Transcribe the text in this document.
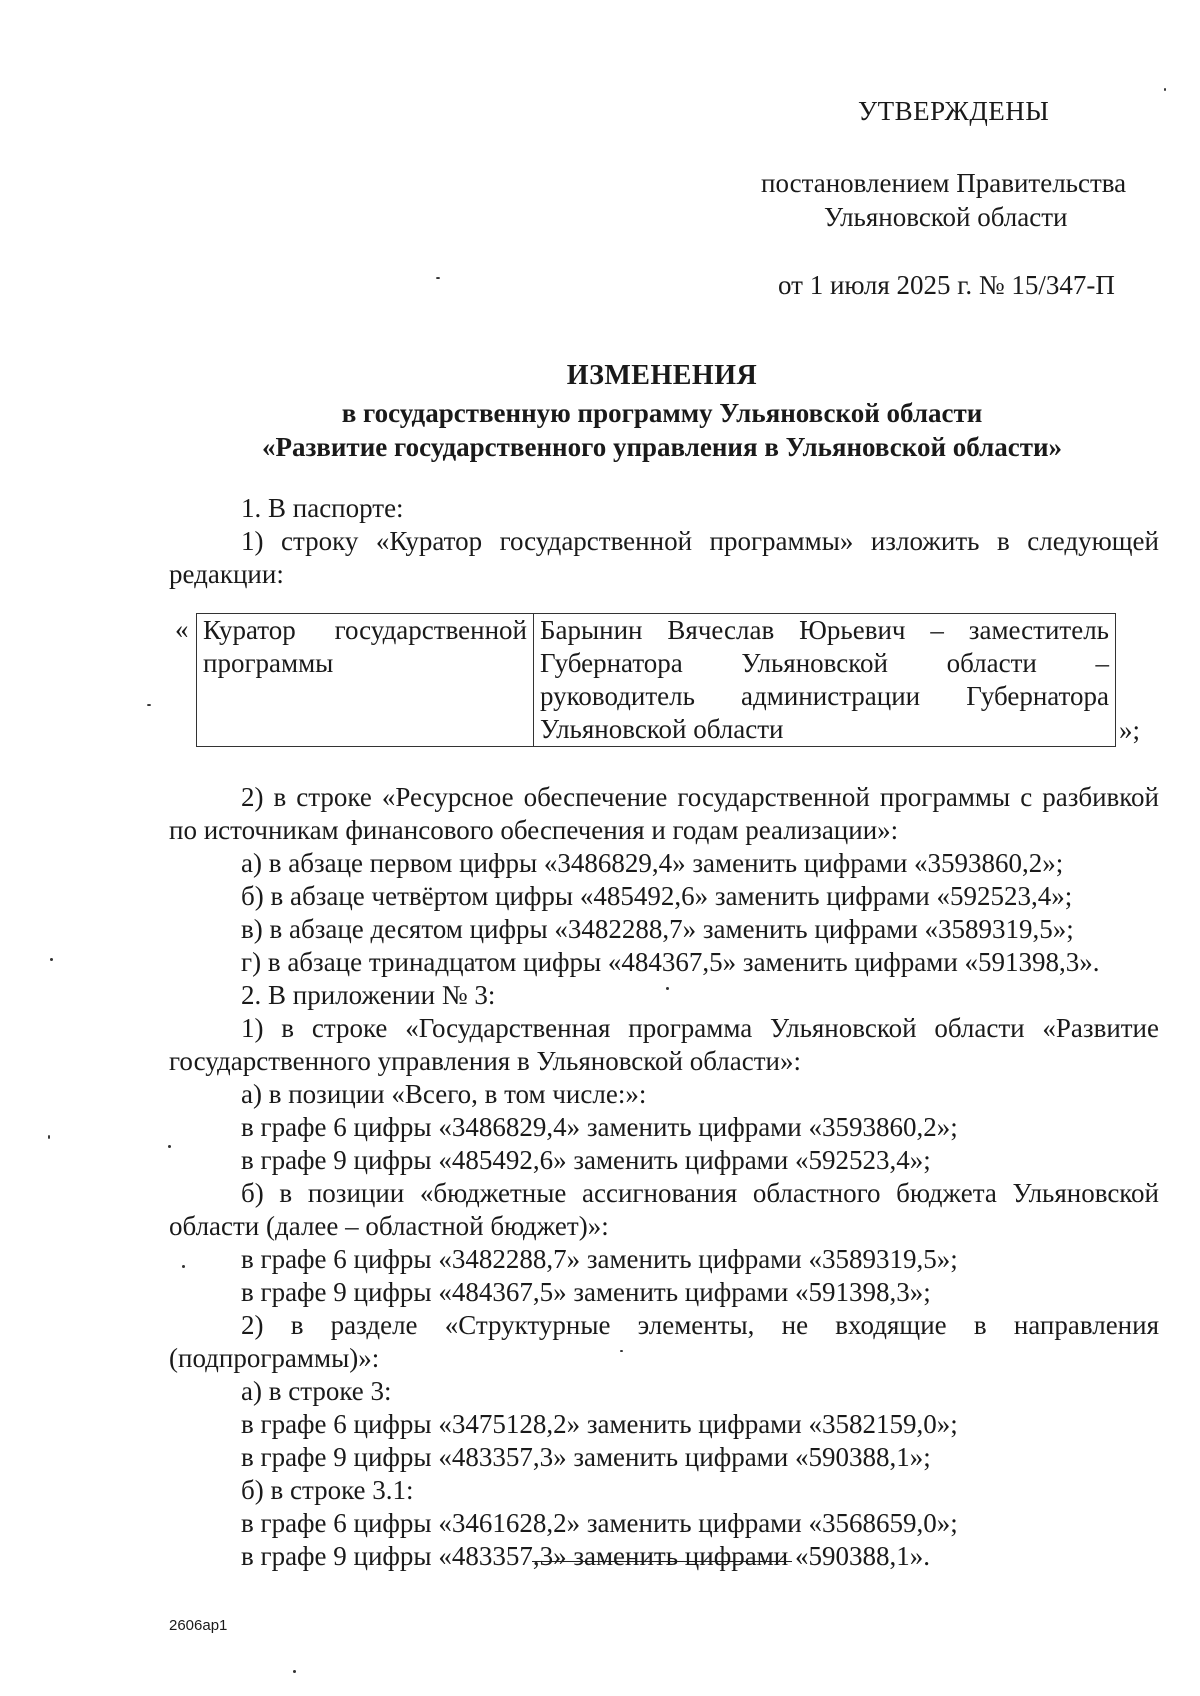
УТВЕРЖДЕНЫ
постановлением Правительства
Ульяновской области
от 1 июля 2025 г. № 15/347-П
ИЗМЕНЕНИЯ
в государственную программу Ульяновской области
«Развитие государственного управления в Ульяновской области»

1. В паспорте:

1) строку «Куратор государственной программы» изложить в следующей редакции:

« Куратор государственной программы	Барынин Вячеслав Юрьевич – заместитель Губернатора Ульяновской области – руководитель администрации Губернатора Ульяновской области	»;

2) в строке «Ресурсное обеспечение государственной программы с разбивкой по источникам финансового обеспечения и годам реализации»:

а) в абзаце первом цифры «3486829,4» заменить цифрами «3593860,2»;

б) в абзаце четвёртом цифры «485492,6» заменить цифрами «592523,4»;

в) в абзаце десятом цифры «3482288,7» заменить цифрами «3589319,5»;

г) в абзаце тринадцатом цифры «484367,5» заменить цифрами «591398,3».

2. В приложении № 3:

1) в строке «Государственная программа Ульяновской области «Развитие государственного управления в Ульяновской области»:

а) в позиции «Всего, в том числе:»:

в графе 6 цифры «3486829,4» заменить цифрами «3593860,2»;

в графе 9 цифры «485492,6» заменить цифрами «592523,4»;

б) в позиции «бюджетные ассигнования областного бюджета Ульяновской области (далее – областной бюджет)»:

в графе 6 цифры «3482288,7» заменить цифрами «3589319,5»;

в графе 9 цифры «484367,5» заменить цифрами «591398,3»;

2) в разделе «Структурные элементы, не входящие в направления (подпрограммы)»:

а) в строке 3:

в графе 6 цифры «3475128,2» заменить цифрами «3582159,0»;

в графе 9 цифры «483357,3» заменить цифрами «590388,1»;

б) в строке 3.1:

в графе 6 цифры «3461628,2» заменить цифрами «3568659,0»;

в графе 9 цифры «483357,3» заменить цифрами «590388,1».

2606ap1
